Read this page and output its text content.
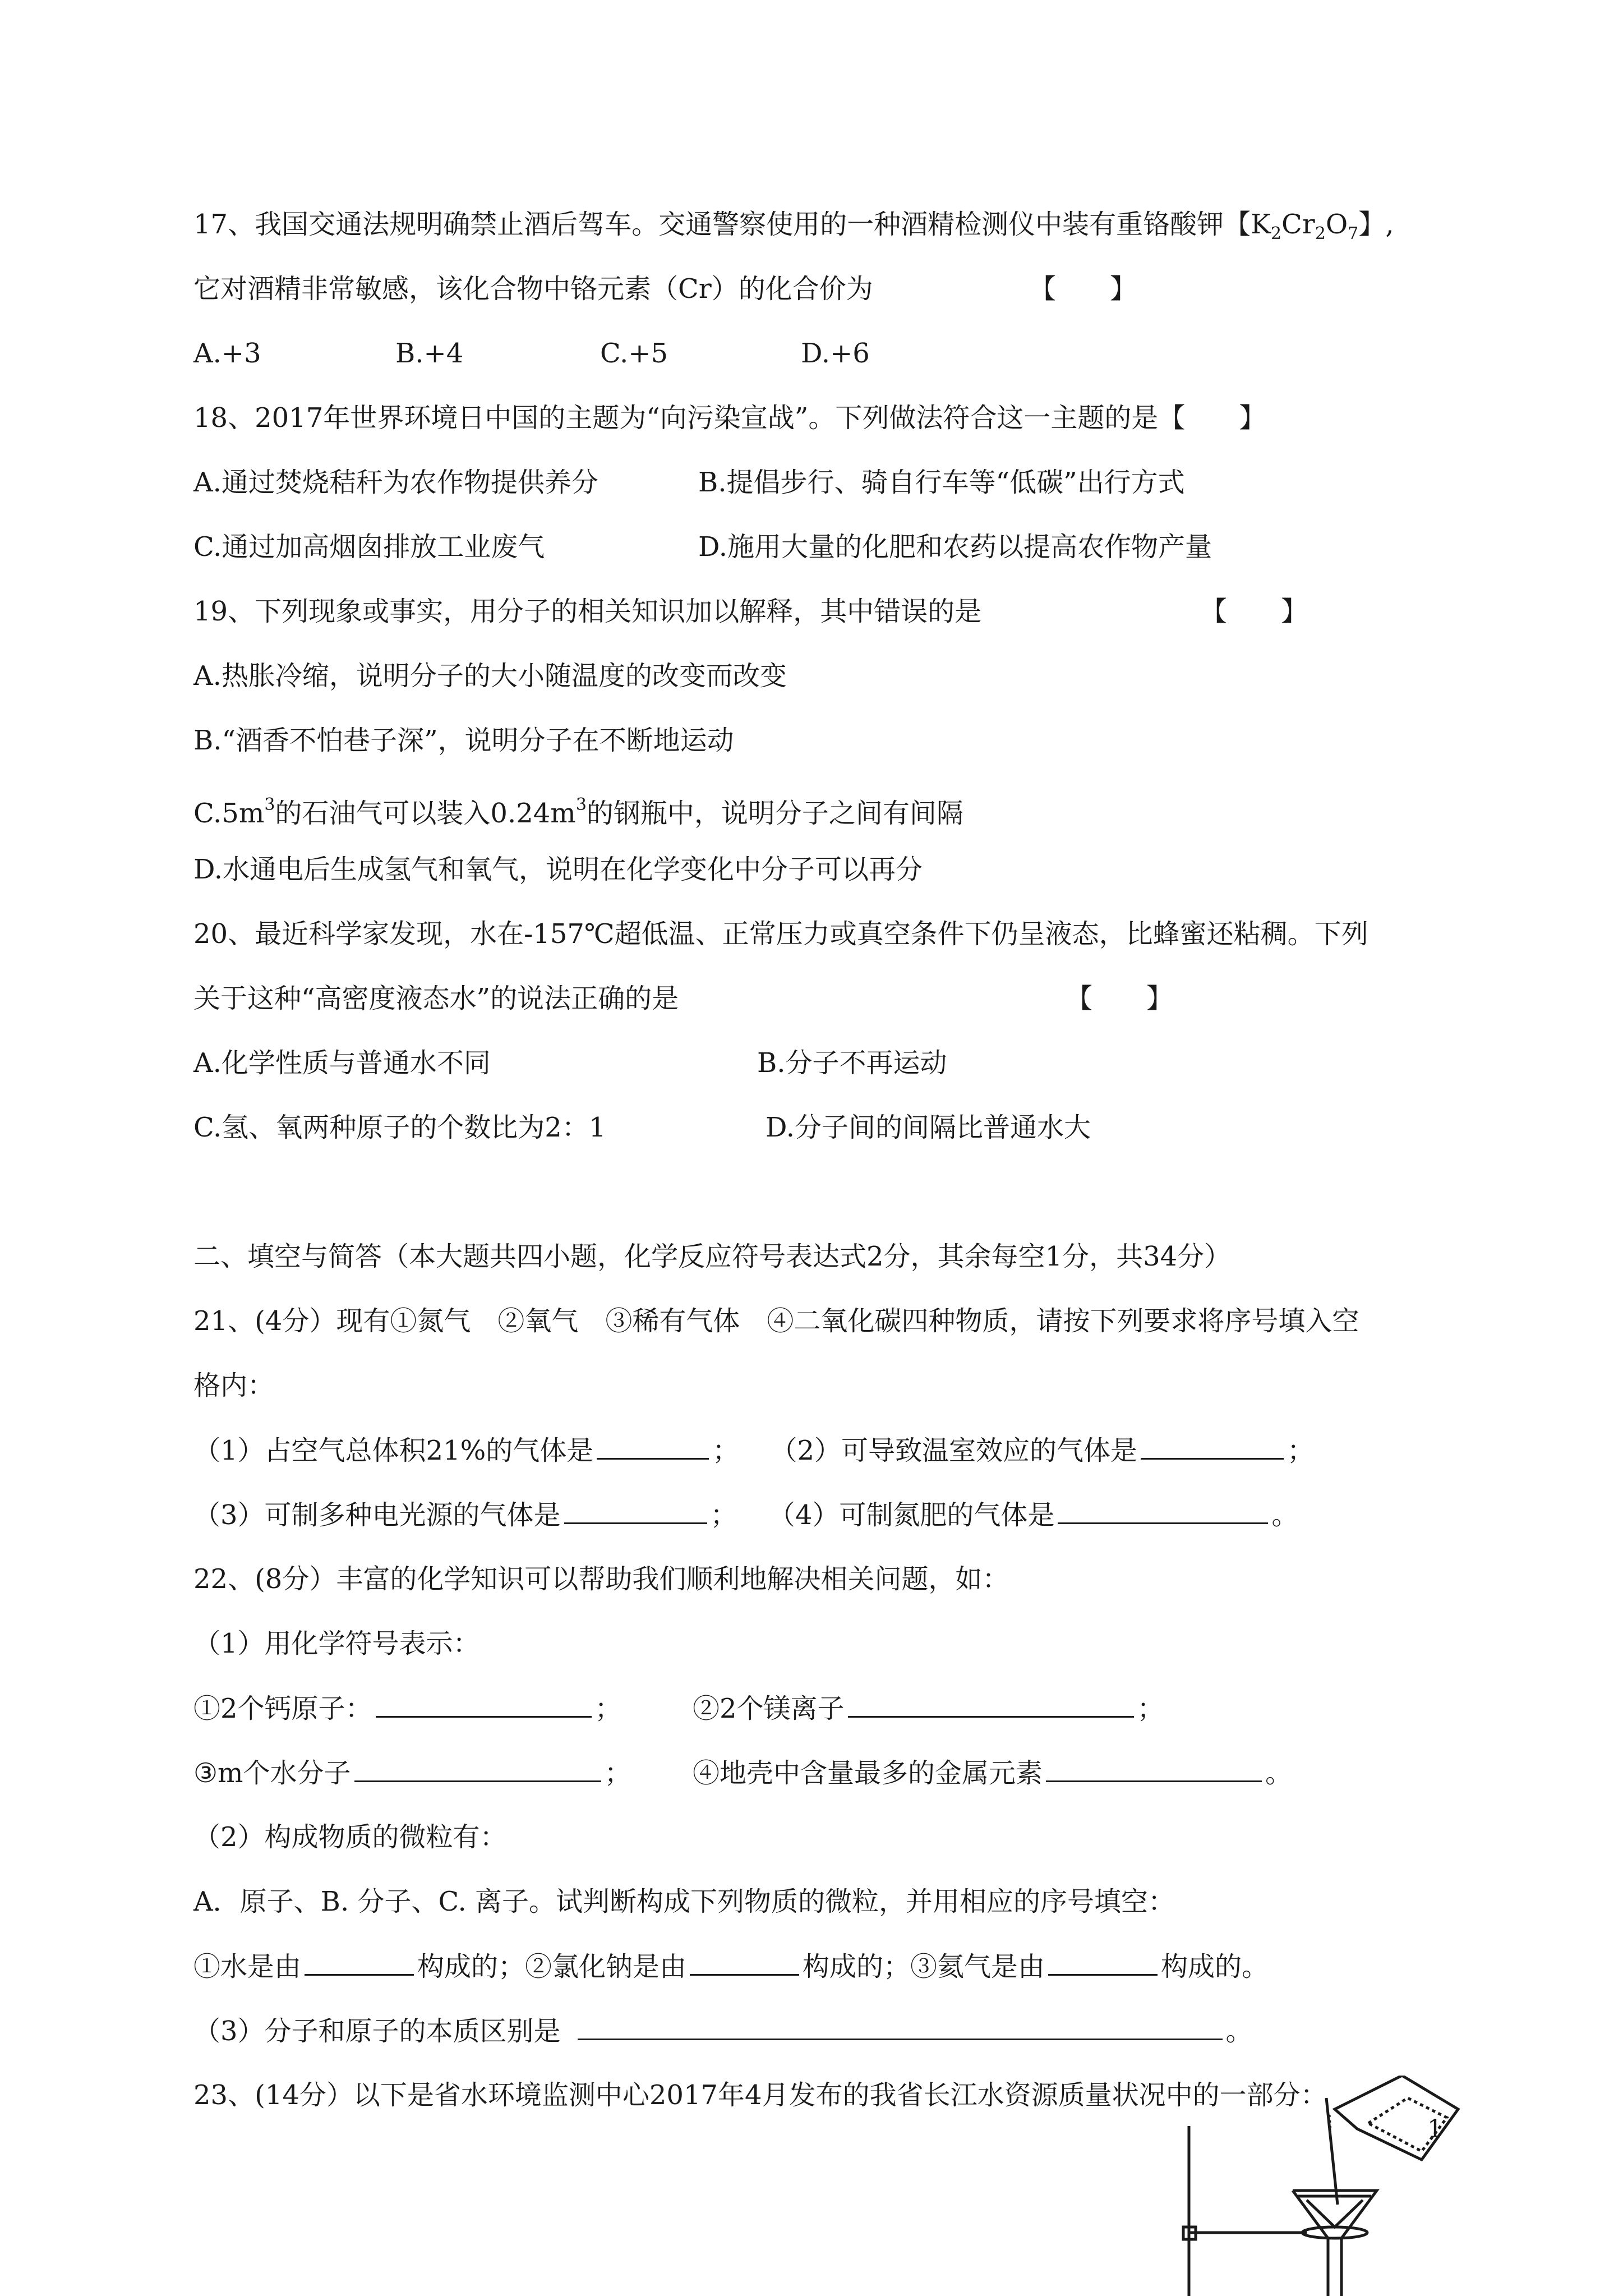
17、我国交通法规明确禁止酒后驾车。交通警察使用的一种酒精检测仪中装有重铬酸钾【$K_2Cr_2O_7$】,
它对酒精非常敏感，该化合物中铬元素（Cr）的化合价为	【　　】
A.+3	B.+4	C.+5	D.+6
18、2017年世界环境日中国的主题为“向污染宣战”。下列做法符合这一主题的是【　　】
A.通过焚烧秸秆为农作物提供养分	B.提倡步行、骑自行车等“低碳”出行方式
C.通过加高烟囱排放工业废气	D.施用大量的化肥和农药以提高农作物产量
19、下列现象或事实，用分子的相关知识加以解释，其中错误的是	【　　】
A.热胀冷缩，说明分子的大小随温度的改变而改变
B.“酒香不怕巷子深”，说明分子在不断地运动
$C.5m^3$的石油气可以装入$0.24m^3$的钢瓶中，说明分子之间有间隔
D.水通电后生成氢气和氧气，说明在化学变化中分子可以再分
20、最近科学家发现，水在-157℃超低温、正常压力或真空条件下仍呈液态，比蜂蜜还粘稠。下列
关于这种“高密度液态水”的说法正确的是	【　　】
A.化学性质与普通水不同	B.分子不再运动
C.氢、氧两种原子的个数比为2：1	D.分子间的间隔比普通水大
二、填空与简答（本大题共四小题，化学反应符号表达式2分，其余每空1分，共34分）
21、(4分）现有①氮气　②氧气　③稀有气体　④二氧化碳四种物质，请按下列要求将序号填入空
格内：
（1）占空气总体积21%的气体是	； （2）可导致温室效应的气体是	；
（3）可制多种电光源的气体是	； （4）可制氮肥的气体是	。
22、(8分）丰富的化学知识可以帮助我们顺利地解决相关问题，如：
（1）用化学符号表示：
①2个钙原子：	；	②2个镁离子	；
③m个水分子	； ④地壳中含量最多的金属元素	。
（2）构成物质的微粒有：
A．原子、B. 分子、C. 离子。试判断构成下列物质的微粒，并用相应的序号填空：
①水是由	构成的；②氯化钠是由	构成的；③氦气是由	构成的。
（3）分子和原子的本质区别是	。
23、(14分）以下是省水环境监测中心2017年4月发布的我省长江水资源质量状况中的一部分：
1
